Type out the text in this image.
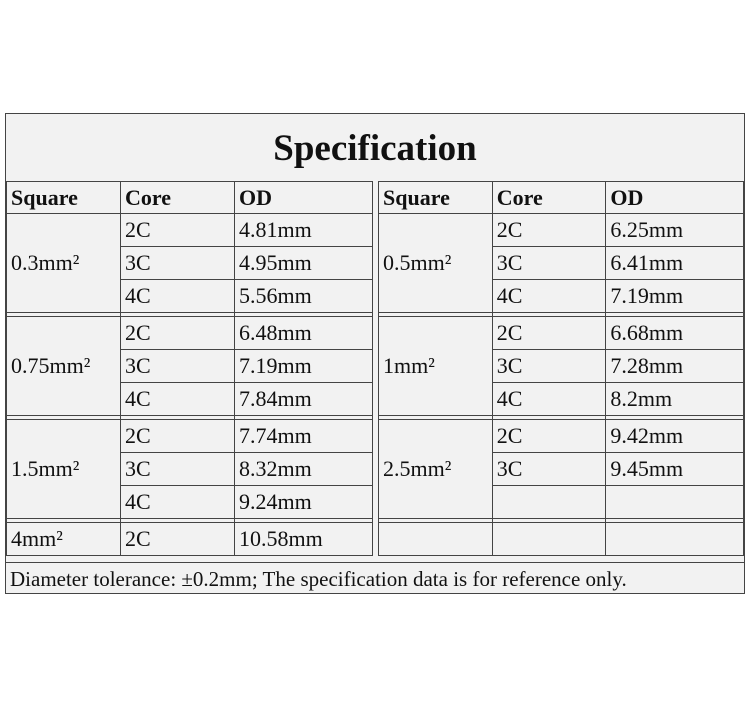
Specification
Square	Core	OD
0.3mm²	2C	4.81mm
	3C	4.95mm
	4C	5.56mm

0.75mm²	2C	6.48mm
	3C	7.19mm
	4C	7.84mm

1.5mm²	2C	7.74mm
	3C	8.32mm
	4C	9.24mm

4mm²	2C	10.58mm
Square	Core	OD
0.5mm²	2C	6.25mm
	3C	6.41mm
	4C	7.19mm

1mm²	2C	6.68mm
	3C	7.28mm
	4C	8.2mm

2.5mm²	2C	9.42mm
	3C	9.45mm

Diameter tolerance: ±0.2mm; The specification data is for reference only.
